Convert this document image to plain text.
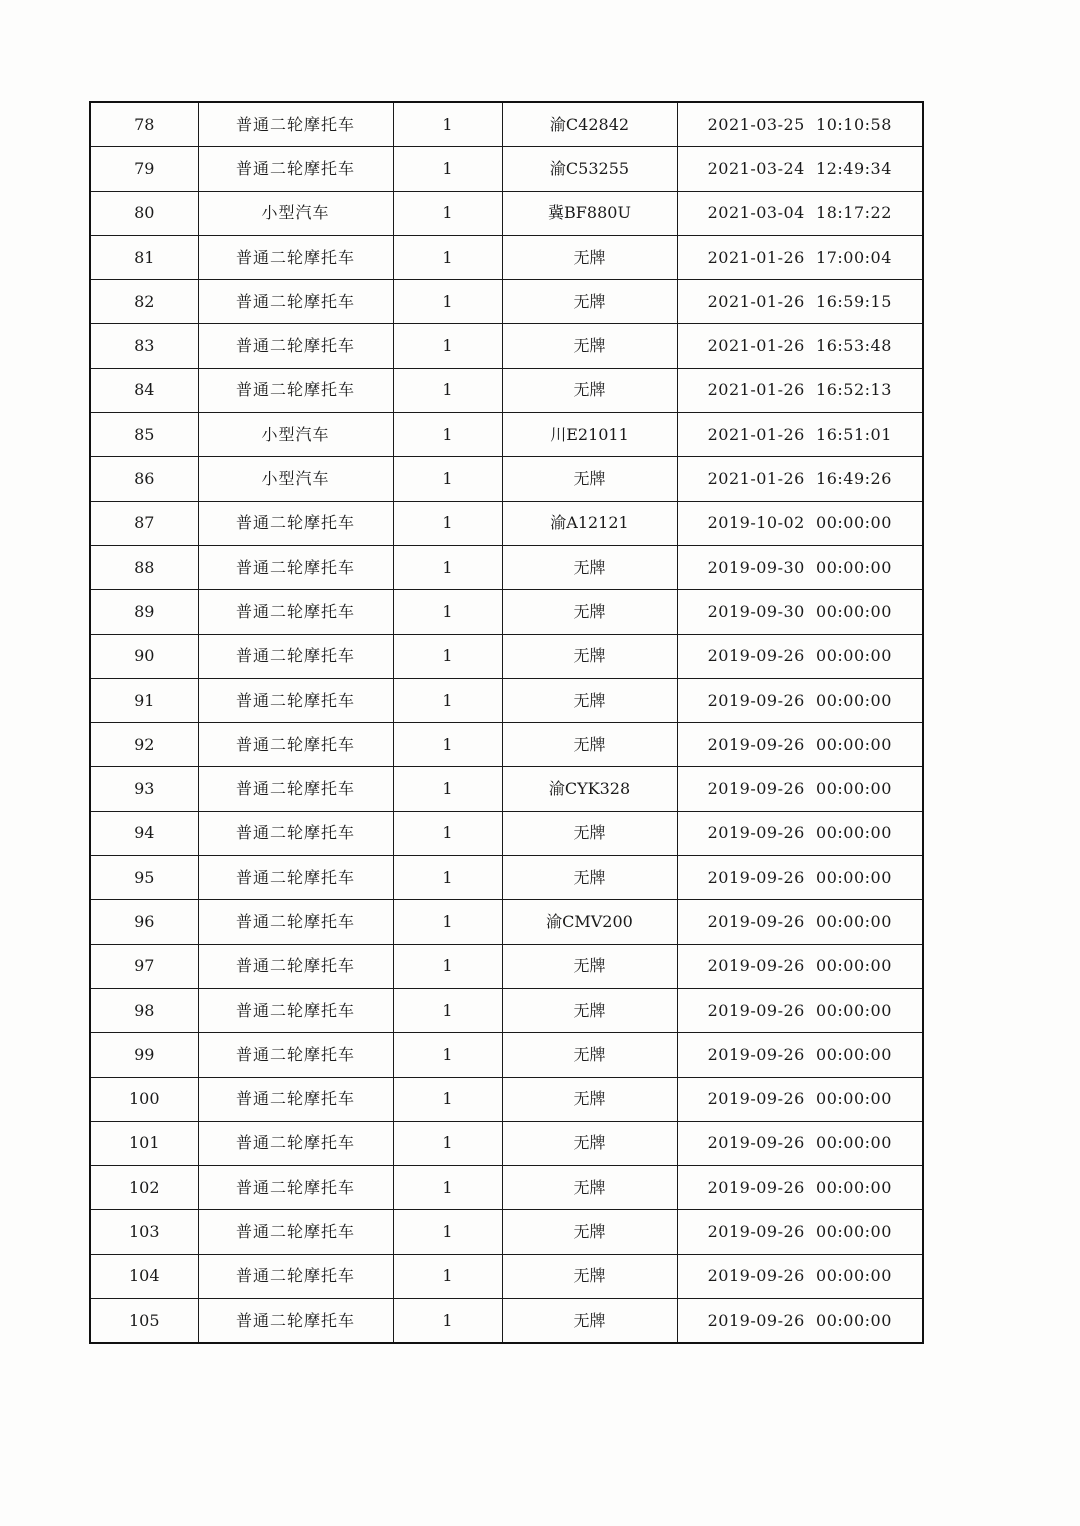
78	普通二轮摩托车	1	渝C42842	2021-03-25  10:10:58
79	普通二轮摩托车	1	渝C53255	2021-03-24  12:49:34
80	小型汽车	1	冀BF880U	2021-03-04  18:17:22
81	普通二轮摩托车	1	无牌	2021-01-26  17:00:04
82	普通二轮摩托车	1	无牌	2021-01-26  16:59:15
83	普通二轮摩托车	1	无牌	2021-01-26  16:53:48
84	普通二轮摩托车	1	无牌	2021-01-26  16:52:13
85	小型汽车	1	川E21011	2021-01-26  16:51:01
86	小型汽车	1	无牌	2021-01-26  16:49:26
87	普通二轮摩托车	1	渝A12121	2019-10-02  00:00:00
88	普通二轮摩托车	1	无牌	2019-09-30  00:00:00
89	普通二轮摩托车	1	无牌	2019-09-30  00:00:00
90	普通二轮摩托车	1	无牌	2019-09-26  00:00:00
91	普通二轮摩托车	1	无牌	2019-09-26  00:00:00
92	普通二轮摩托车	1	无牌	2019-09-26  00:00:00
93	普通二轮摩托车	1	渝CYK328	2019-09-26  00:00:00
94	普通二轮摩托车	1	无牌	2019-09-26  00:00:00
95	普通二轮摩托车	1	无牌	2019-09-26  00:00:00
96	普通二轮摩托车	1	渝CMV200	2019-09-26  00:00:00
97	普通二轮摩托车	1	无牌	2019-09-26  00:00:00
98	普通二轮摩托车	1	无牌	2019-09-26  00:00:00
99	普通二轮摩托车	1	无牌	2019-09-26  00:00:00
100	普通二轮摩托车	1	无牌	2019-09-26  00:00:00
101	普通二轮摩托车	1	无牌	2019-09-26  00:00:00
102	普通二轮摩托车	1	无牌	2019-09-26  00:00:00
103	普通二轮摩托车	1	无牌	2019-09-26  00:00:00
104	普通二轮摩托车	1	无牌	2019-09-26  00:00:00
105	普通二轮摩托车	1	无牌	2019-09-26  00:00:00
